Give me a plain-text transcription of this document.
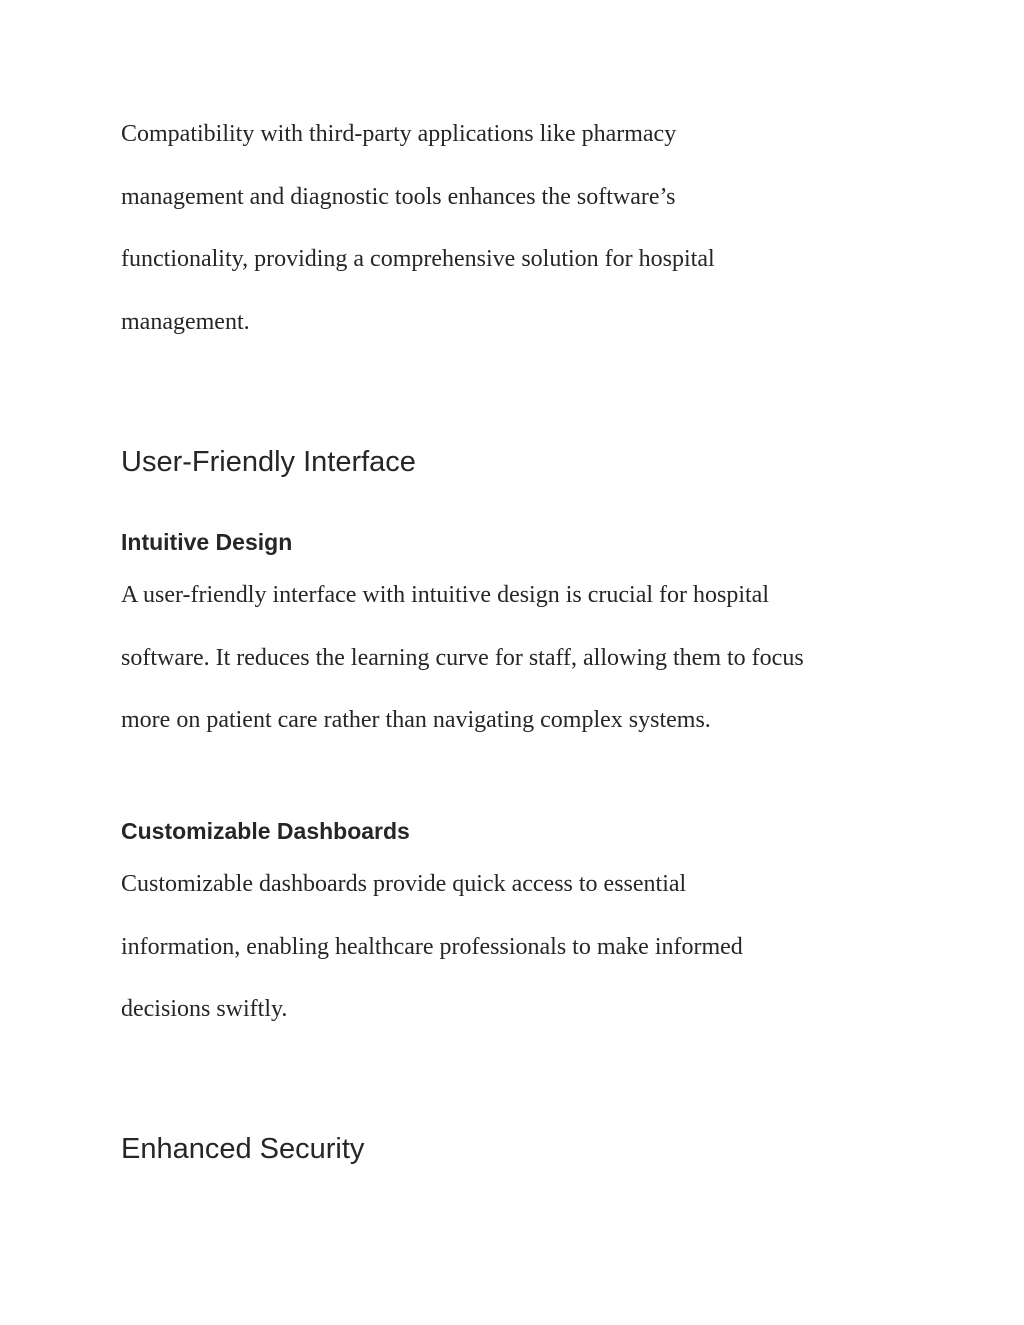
Compatibility with third-party applications like pharmacy
management and diagnostic tools enhances the software’s
functionality, providing a comprehensive solution for hospital
management.
User-Friendly Interface
Intuitive Design
A user-friendly interface with intuitive design is crucial for hospital
software. It reduces the learning curve for staff, allowing them to focus
more on patient care rather than navigating complex systems.
Customizable Dashboards
Customizable dashboards provide quick access to essential
information, enabling healthcare professionals to make informed
decisions swiftly.
Enhanced Security
